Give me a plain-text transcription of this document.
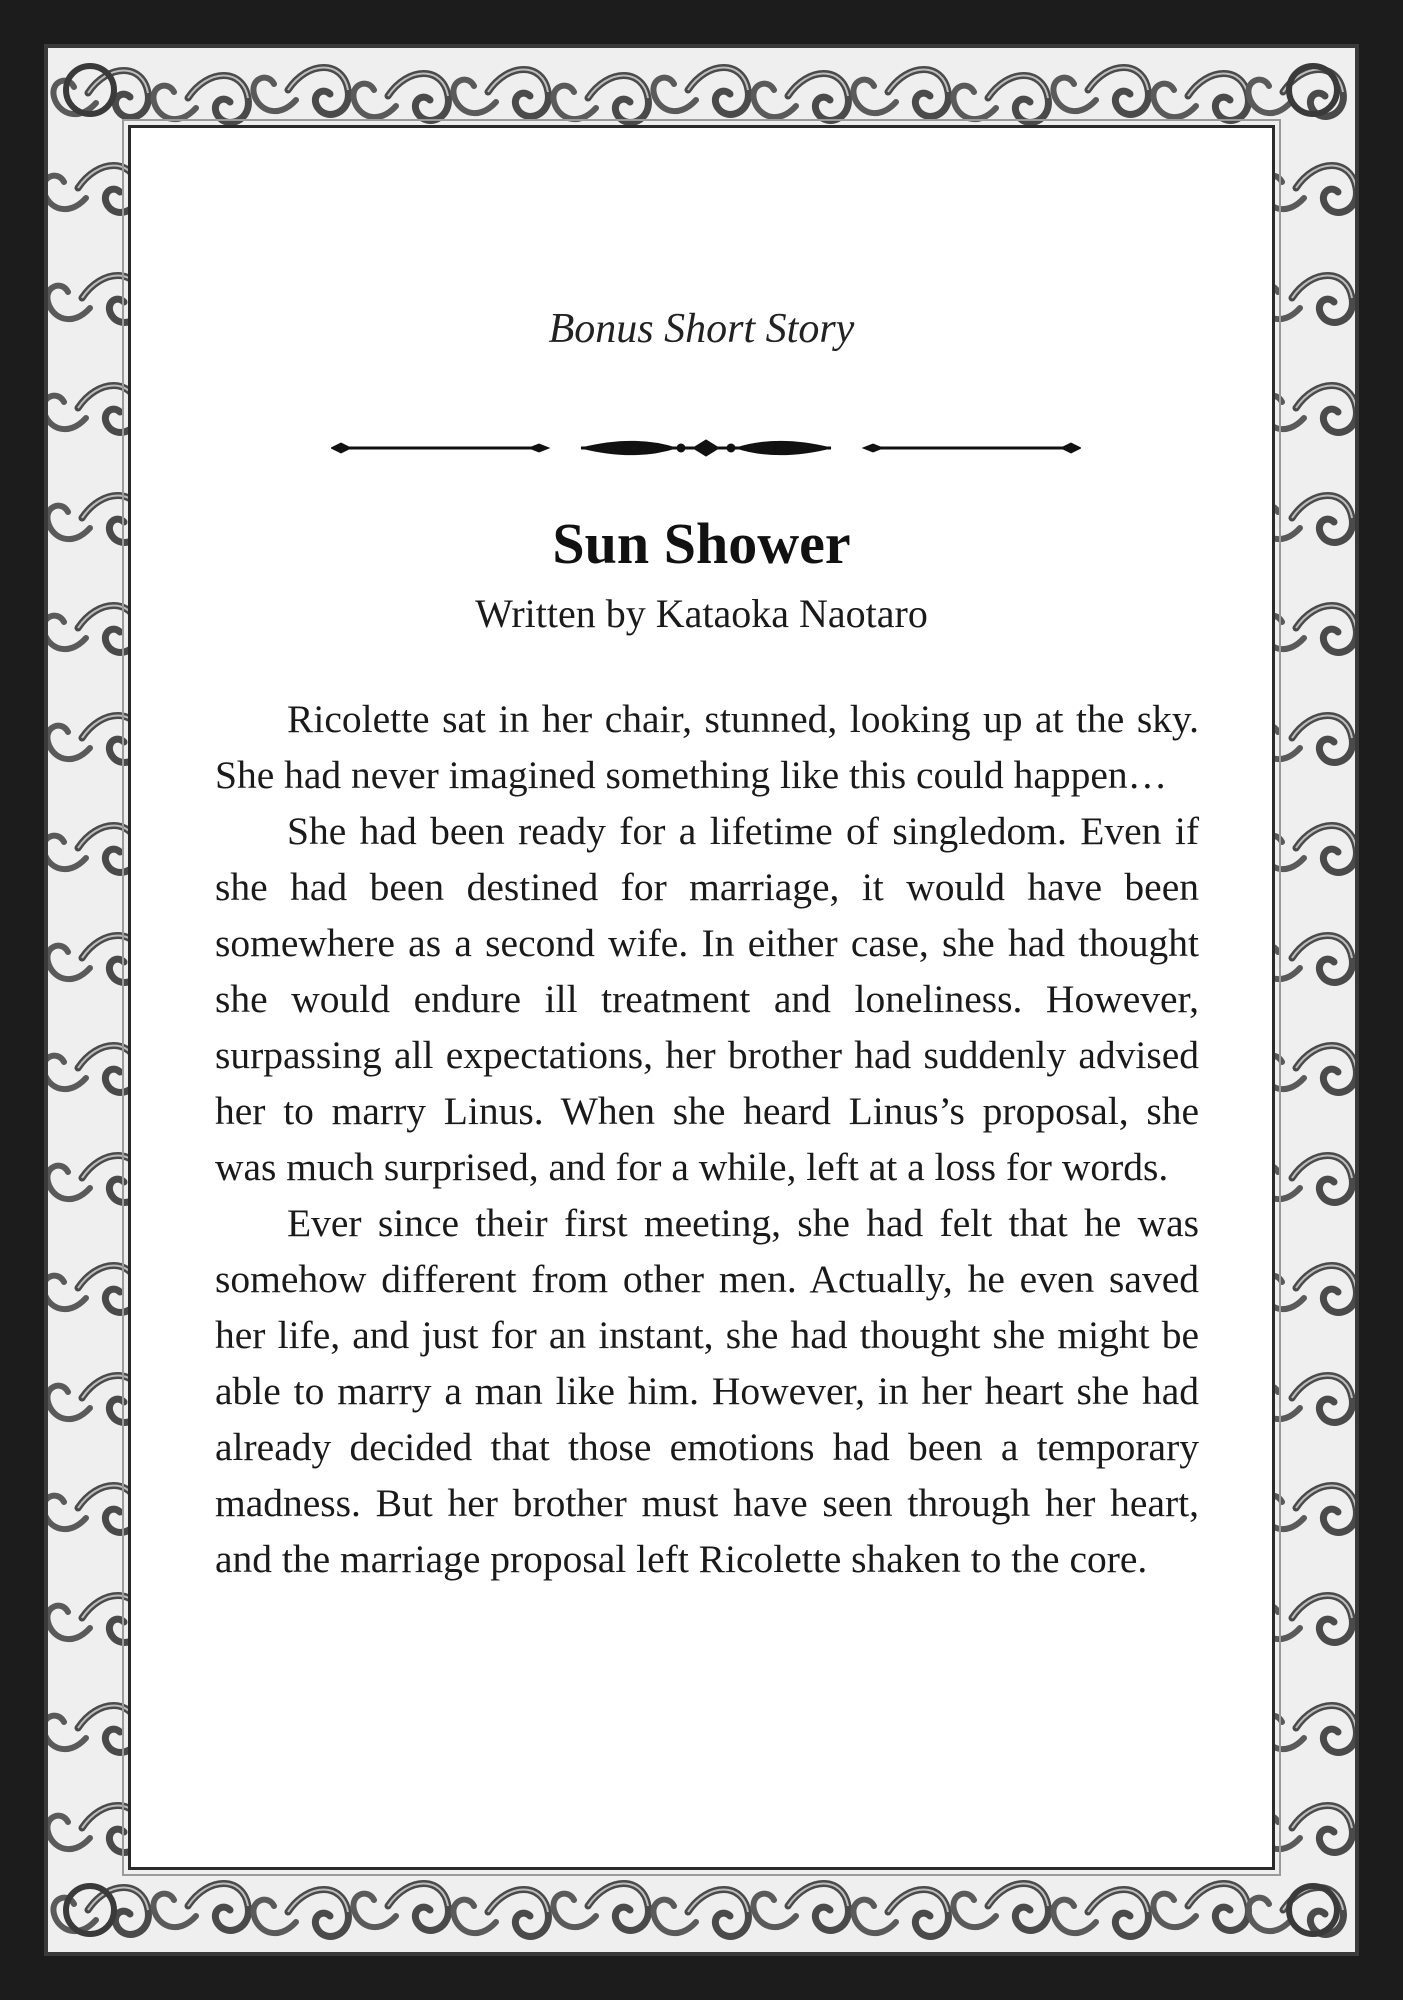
Bonus Short Story

Sun Shower

Written by Kataoka Naotaro

Ricolette sat in her chair, stunned, looking up at the sky. She had never imagined something like this could happen…

She had been ready for a lifetime of singledom. Even if she had been destined for marriage, it would have been somewhere as a second wife. In either case, she had thought she would endure ill treatment and loneliness. However, surpassing all expectations, her brother had suddenly advised her to marry Linus. When she heard Linus’s proposal, she was much surprised, and for a while, left at a loss for words.

Ever since their first meeting, she had felt that he was somehow different from other men. Actually, he even saved her life, and just for an instant, she had thought she might be able to marry a man like him. However, in her heart she had already decided that those emotions had been a temporary madness. But her brother must have seen through her heart, and the marriage proposal left Ricolette shaken to the core.
